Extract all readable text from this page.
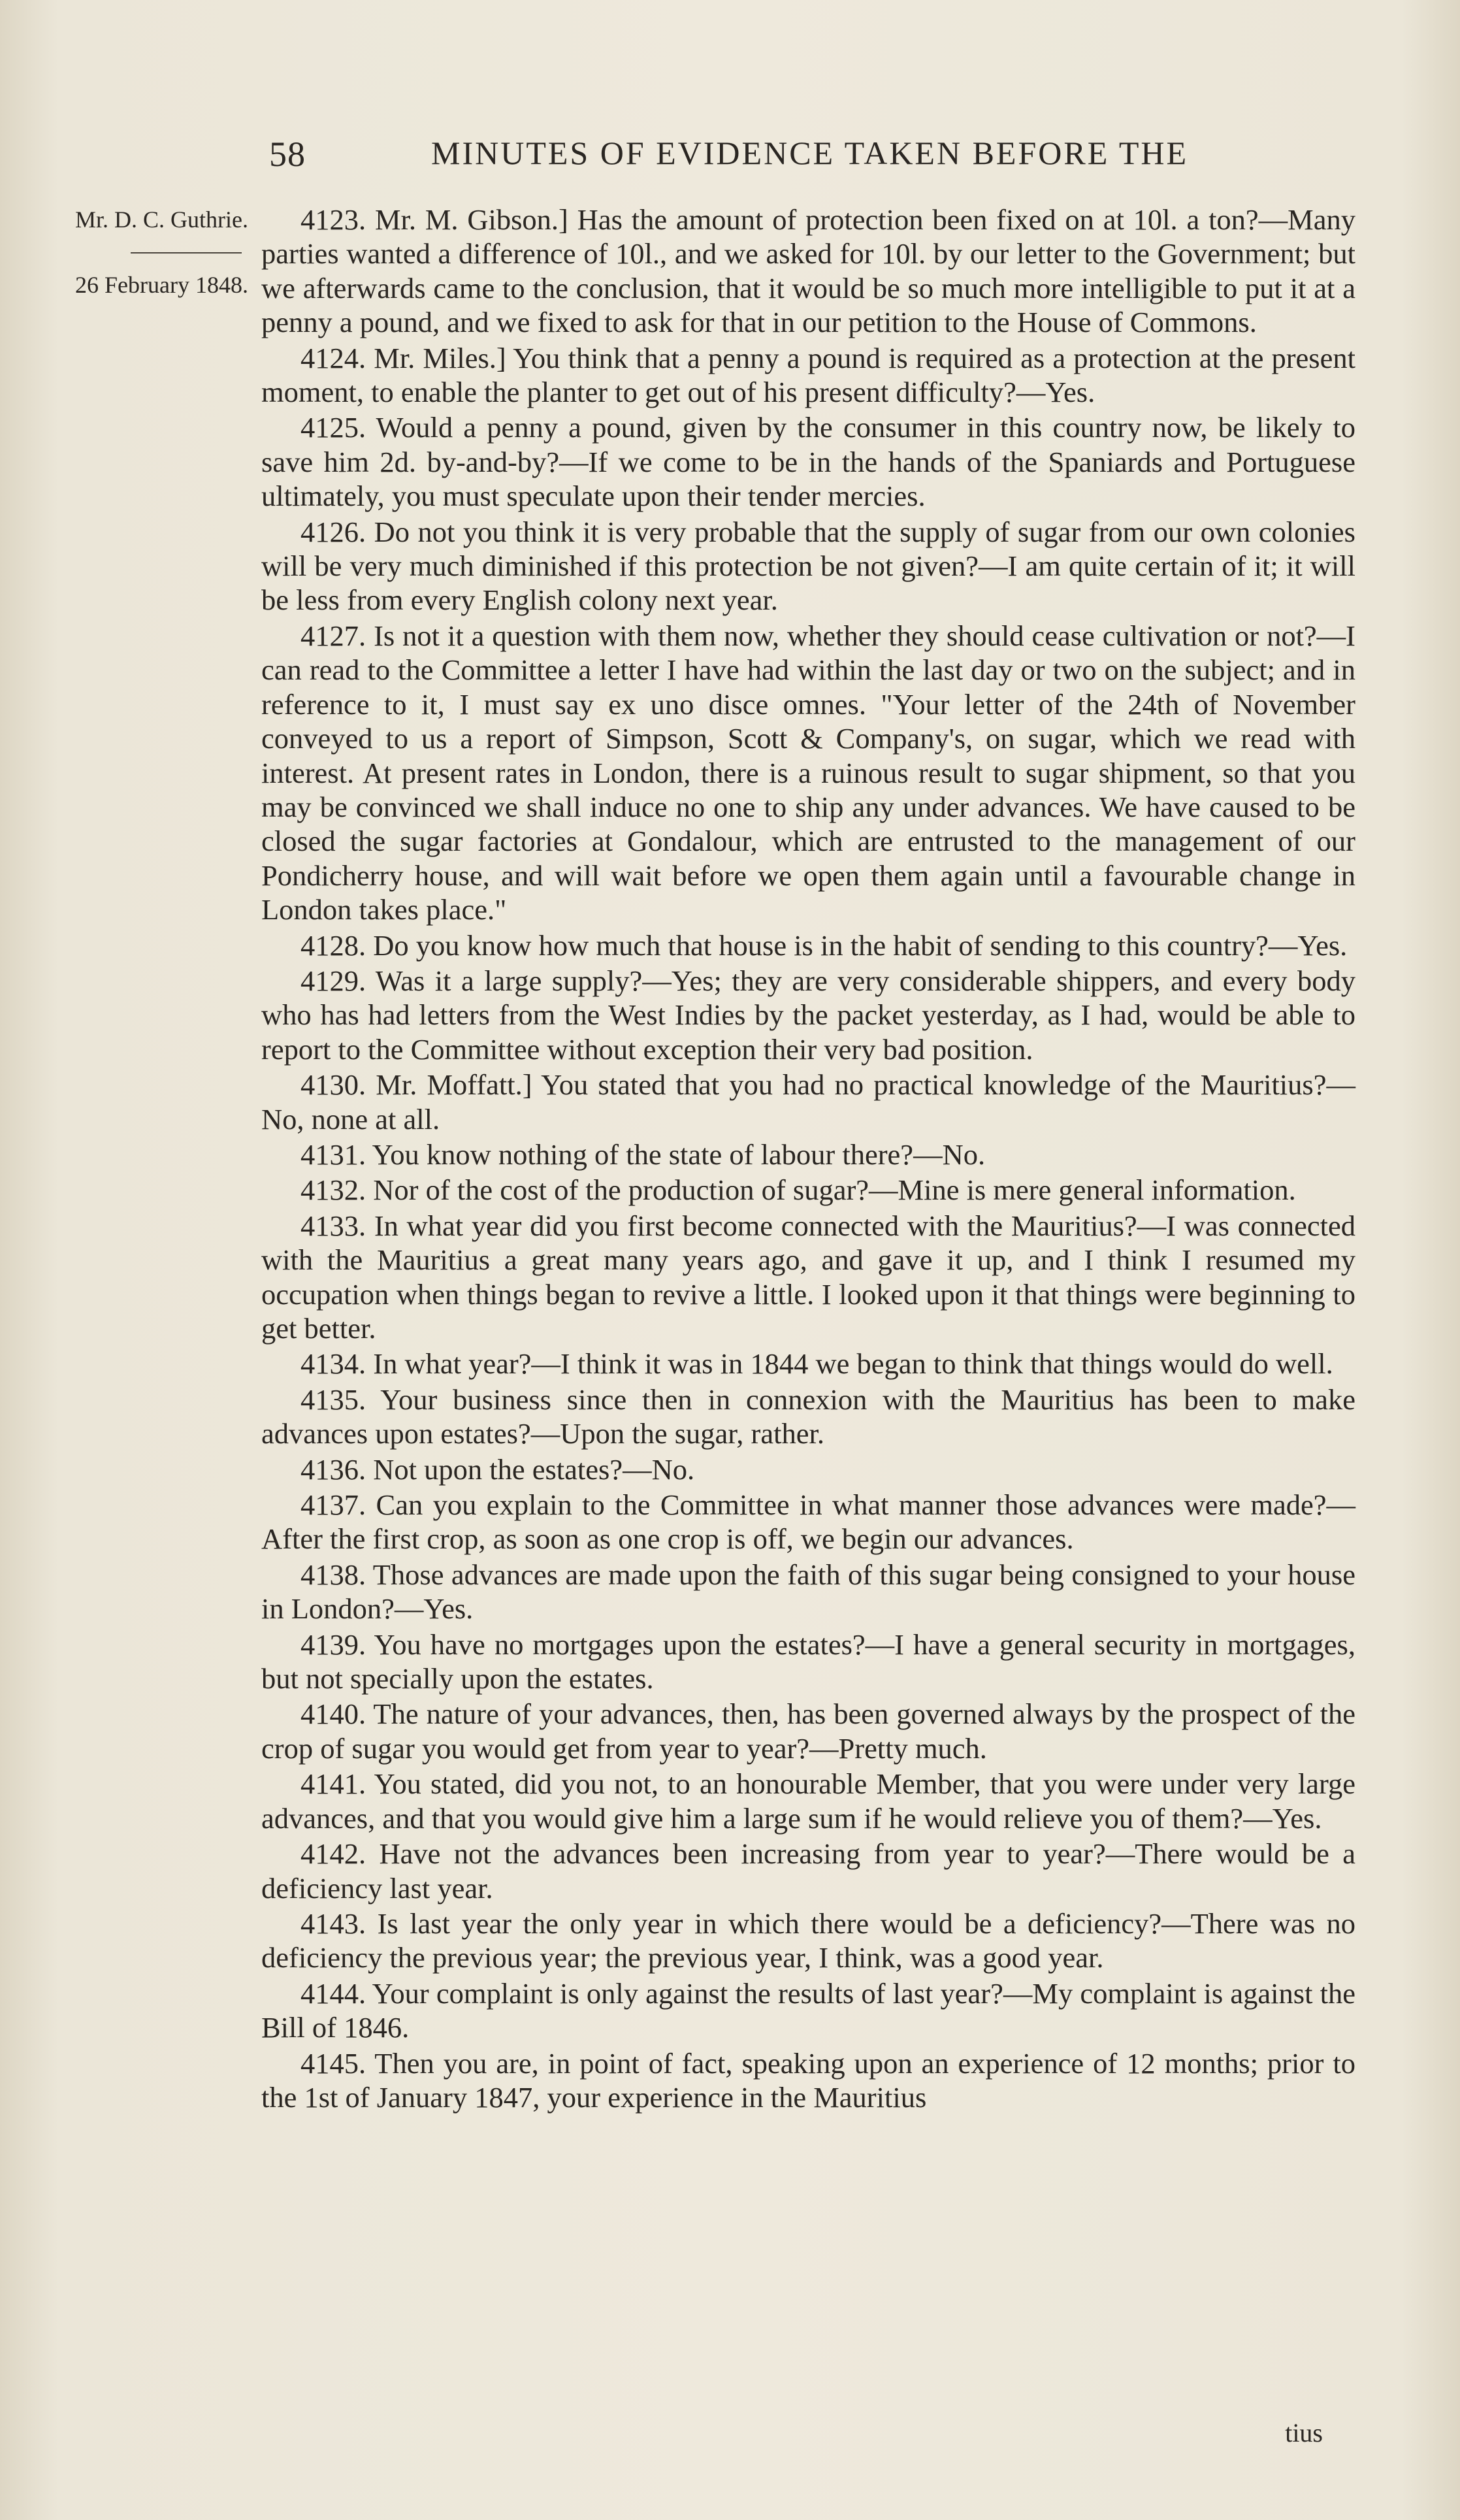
58	MINUTES OF EVIDENCE TAKEN BEFORE THE
Mr. D. C. Guthrie.
26 February 1848.

4123. Mr. M. Gibson.] Has the amount of protection been fixed on at 10l. a ton?—Many parties wanted a difference of 10l., and we asked for 10l. by our letter to the Government; but we afterwards came to the conclusion, that it would be so much more intelligible to put it at a penny a pound, and we fixed to ask for that in our petition to the House of Commons.

4124. Mr. Miles.] You think that a penny a pound is required as a protection at the present moment, to enable the planter to get out of his present difficulty?—Yes.

4125. Would a penny a pound, given by the consumer in this country now, be likely to save him 2d. by-and-by?—If we come to be in the hands of the Spaniards and Portuguese ultimately, you must speculate upon their tender mercies.

4126. Do not you think it is very probable that the supply of sugar from our own colonies will be very much diminished if this protection be not given?—I am quite certain of it; it will be less from every English colony next year.

4127. Is not it a question with them now, whether they should cease cultivation or not?—I can read to the Committee a letter I have had within the last day or two on the subject; and in reference to it, I must say ex uno disce omnes. "Your letter of the 24th of November conveyed to us a report of Simpson, Scott & Company's, on sugar, which we read with interest. At present rates in London, there is a ruinous result to sugar shipment, so that you may be convinced we shall induce no one to ship any under advances. We have caused to be closed the sugar factories at Gondalour, which are entrusted to the management of our Pondicherry house, and will wait before we open them again until a favourable change in London takes place."

4128. Do you know how much that house is in the habit of sending to this country?—Yes.

4129. Was it a large supply?—Yes; they are very considerable shippers, and every body who has had letters from the West Indies by the packet yesterday, as I had, would be able to report to the Committee without exception their very bad position.

4130. Mr. Moffatt.] You stated that you had no practical knowledge of the Mauritius?—No, none at all.

4131. You know nothing of the state of labour there?—No.

4132. Nor of the cost of the production of sugar?—Mine is mere general information.

4133. In what year did you first become connected with the Mauritius?—I was connected with the Mauritius a great many years ago, and gave it up, and I think I resumed my occupation when things began to revive a little. I looked upon it that things were beginning to get better.

4134. In what year?—I think it was in 1844 we began to think that things would do well.

4135. Your business since then in connexion with the Mauritius has been to make advances upon estates?—Upon the sugar, rather.

4136. Not upon the estates?—No.

4137. Can you explain to the Committee in what manner those advances were made?—After the first crop, as soon as one crop is off, we begin our advances.

4138. Those advances are made upon the faith of this sugar being consigned to your house in London?—Yes.

4139. You have no mortgages upon the estates?—I have a general security in mortgages, but not specially upon the estates.

4140. The nature of your advances, then, has been governed always by the prospect of the crop of sugar you would get from year to year?—Pretty much.

4141. You stated, did you not, to an honourable Member, that you were under very large advances, and that you would give him a large sum if he would relieve you of them?—Yes.

4142. Have not the advances been increasing from year to year?—There would be a deficiency last year.

4143. Is last year the only year in which there would be a deficiency?—There was no deficiency the previous year; the previous year, I think, was a good year.

4144. Your complaint is only against the results of last year?—My complaint is against the Bill of 1846.

4145. Then you are, in point of fact, speaking upon an experience of 12 months; prior to the 1st of January 1847, your experience in the Mauritius

tius
